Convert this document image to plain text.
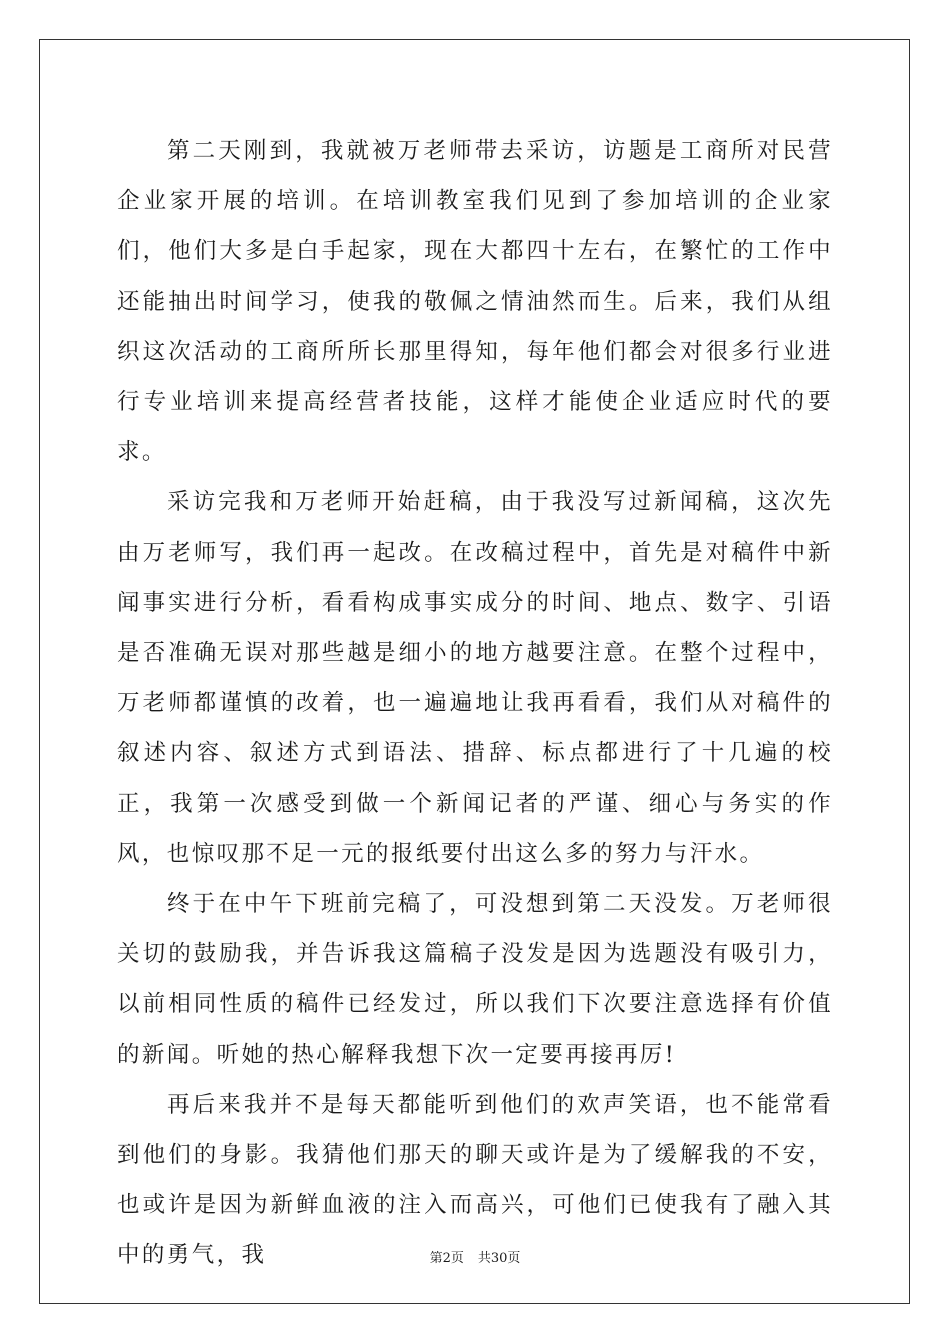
第二天刚到，我就被万老师带去采访，访题是工商所对民营企业家开展的培训。在培训教室我们见到了参加培训的企业家们，他们大多是白手起家，现在大都四十左右，在繁忙的工作中还能抽出时间学习，使我的敬佩之情油然而生。后来，我们从组织这次活动的工商所所长那里得知，每年他们都会对很多行业进行专业培训来提高经营者技能，这样才能使企业适应时代的要求。

采访完我和万老师开始赶稿，由于我没写过新闻稿，这次先由万老师写，我们再一起改。在改稿过程中，首先是对稿件中新闻事实进行分析，看看构成事实成分的时间、地点、数字、引语是否准确无误对那些越是细小的地方越要注意。在整个过程中，万老师都谨慎的改着，也一遍遍地让我再看看，我们从对稿件的叙述内容、叙述方式到语法、措辞、标点都进行了十几遍的校正，我第一次感受到做一个新闻记者的严谨、细心与务实的作风，也惊叹那不足一元的报纸要付出这么多的努力与汗水。

终于在中午下班前完稿了，可没想到第二天没发。万老师很关切的鼓励我，并告诉我这篇稿子没发是因为选题没有吸引力，以前相同性质的稿件已经发过，所以我们下次要注意选择有价值的新闻。听她的热心解释我想下次一定要再接再厉!

再后来我并不是每天都能听到他们的欢声笑语，也不能常看到他们的身影。我猜他们那天的聊天或许是为了缓解我的不安，也或许是因为新鲜血液的注入而高兴，可他们已使我有了融入其中的勇气，我	第2页 共30页
